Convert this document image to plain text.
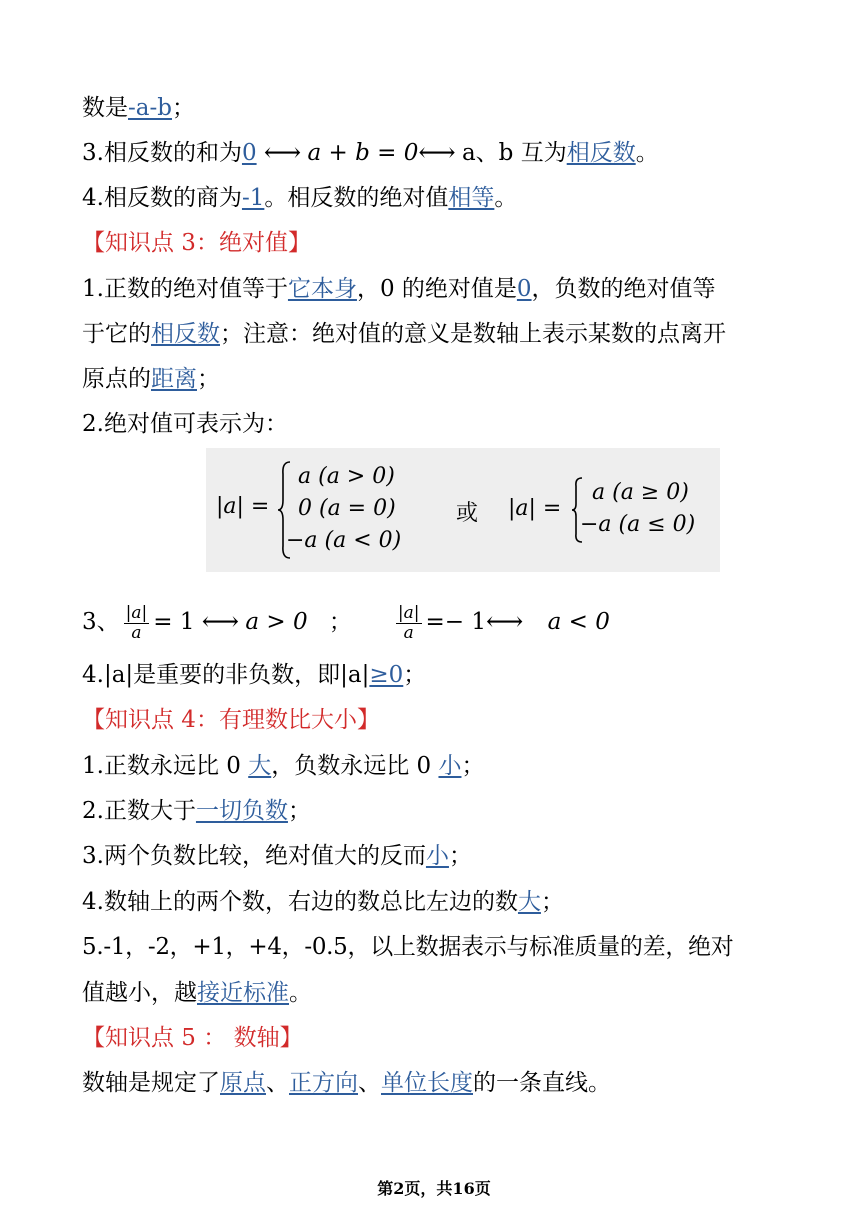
数是-a-b；
3.相反数的和为0 ⟷ a + b = 0⟷ a、b 互为相反数。
4.相反数的商为-1。相反数的绝对值相等。
【知识点 3：绝对值】
1.正数的绝对值等于它本身，0 的绝对值是0，负数的绝对值等
于它的相反数；注意：绝对值的意义是数轴上表示某数的点离开
原点的距离；
2.绝对值可表示为：
|a| =
a (a > 0)
0 (a = 0)
−a (a < 0)
或 |a| =
a (a ≥ 0)
−a (a ≤ 0)
3、 $\frac{|a|}{a} = 1$ ⟷ a > 0 ；	$\frac{|a|}{a}$ =− 1⟷ a < 0
4.|a|是重要的非负数，即|a|≥0；
【知识点 4：有理数比大小】
1.正数永远比 0 大，负数永远比 0 小；
2.正数大于一切负数；
3.两个负数比较，绝对值大的反而小；
4.数轴上的两个数，右边的数总比左边的数大；
5.-1，-2，+1，+4，-0.5，以上数据表示与标准质量的差，绝对
值越小，越接近标准。
【知识点 5 ： 数轴】
数轴是规定了原点、正方向、单位长度的一条直线。
第2页，共16页
